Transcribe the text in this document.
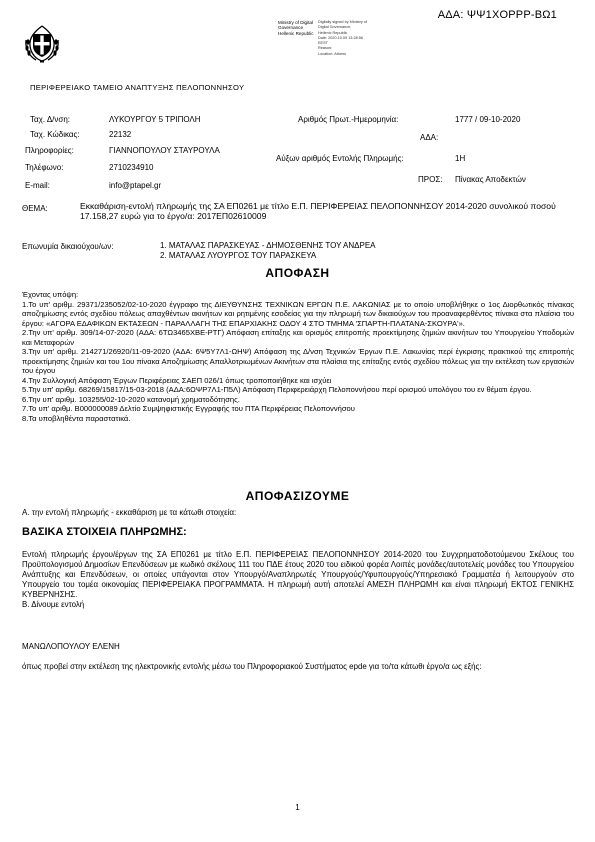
ΑΔΑ: ΨΨ1ΧΟΡΡΡ-ΒΩ1
Ministry of Digital
Governance
Hellenic RepublicDigitally signed by Ministry of Digital Governance,
Hellenic Republic
Date: 2020.10.09 13:28:56
EEST
Reason:
Location: Athens
ΠΕΡΙΦΕΡΕΙΑΚΟ ΤΑΜΕΙΟ ΑΝΑΠΤΥΞΗΣ ΠΕΛΟΠΟΝΝΗΣΟΥ
Ταχ. Δ/νση:	ΛΥΚΟΥΡΓΟΥ 5 ΤΡΙΠΟΛΗ
Ταχ. Κώδικας:	22132
Πληροφορίες:	ΓΙΑΝΝΟΠΟΥΛΟΥ ΣΤΑΥΡΟΥΛΑ
Τηλέφωνο:	2710234910
E-mail:	info@ptapel.gr
Αριθμός Πρωτ.-Ημερομηνία:	1777 / 09-10-2020
ΑΔΑ:
Αύξων αριθμός Εντολής Πληρωμής:	1Η
ΠΡΟΣ: Πίνακας Αποδεκτών
ΘΕΜΑ:	Εκκαθάριση-εντολή πληρωμής της ΣΑ ΕΠ0261 με τίτλο Ε.Π. ΠΕΡΙΦΕΡΕΙΑΣ ΠΕΛΟΠΟΝΝΗΣΟΥ 2014-2020 συνολικού ποσού 17.158,27 ευρώ για το έργο/α: 2017ΕΠ02610009
Επωνυμία δικαιούχου/ων:	1. ΜΑΤΑΛΑΣ ΠΑΡΑΣΚΕΥΑΣ - ΔΗΜΟΣΘΕΝΗΣ ΤΟΥ ΑΝΔΡΕΑ
2. ΜΑΤΑΛΑΣ ΛΥΟΥΡΓΟΣ ΤΟΥ ΠΑΡΑΣΚΕΥΑ
ΑΠΟΦΑΣΗ

Έχοντας υπόψη:

1.Το υπ' αριθμ. 29371/235052/02-10-2020 έγγραφο της ΔΙΕΥΘΥΝΣΗΣ ΤΕΧΝΙΚΩΝ ΕΡΓΩΝ Π.Ε. ΛΑΚΩΝΙΑΣ με το οποίο υποβλήθηκε ο 1ος Διορθωτικός πίνακας αποζημίωσης εντός σχεδίου πόλεως απαχθέντων ακινήτων και ρητιμένης εσοδείας για την πληρωμή των δικαιούχων του προαναφερθέντος πίνακα στα πλαίσια του έργου: «ΑΓΟΡΑ ΕΔΑΦΙΚΩΝ ΕΚΤΑΣΕΩΝ - ΠΑΡΑΛΛΑΓΗ ΤΗΣ ΕΠΑΡΧΙΑΚΗΣ ΟΔΟΥ 4 ΣΤΟ ΤΜΗΜΑ 'ΣΠΑΡΤΗ-ΠΛΑΤΑΝΑ-ΣΚΟΥΡΑ'».

2.Την υπ' αριθμ. 309/14-07-2020 (ΑΔΑ: 6ΤΩ3465ΧΒΕ-ΡΤΓ) Απόφαση επίταξης και ορισμός επιτροπής προεκτίμησης ζημιών ακινήτων του Υπουργείου Υποδομών και Μεταφορών

3.Την υπ' αριθμ. 214271/26920/11-09-2020 (ΑΔΑ: 6Ψ5Υ7Λ1-ΩΗΨ) Απόφαση της Δ/νση Τεχνικών Έργων Π.Ε. Λακωνίας περί έγκρισης πρακτικού της επιτροπής προεκτίμησης ζημιών και του 1ου πίνακα Αποζημίωσης Απαλλοτριωμένων Ακινήτων στα πλαίσια της επίταξης εντός σχεδίου πόλεως για την εκτέλεση των εργασιών του έργου

4.Την Συλλογική Απόφαση Έργων Περιφέρειας ΣΑΕΠ 026/1 όπως τροποποιήθηκε και ισχύει

5.Την υπ' αριθμ. 68269/15817/15-03-2018 (ΑΔΑ:6ΩΨΡ7Λ1-Π5Λ) Απόφαση Περιφερειάρχη Πελοποννήσου περί ορισμού υπολόγου του εν θέματι έργου.

6.Την υπ' αριθμ. 103255/02-10-2020 κατανομή χρηματοδότησης.

7.Το υπ' αριθμ. Β000000089 Δελτίο Συμψηφιστικής Εγγραφής του ΠΤΑ Περιφέρειας Πελοποννήσου

8.Τα υποβληθέντα παραστατικά.

ΑΠΟΦΑΣΙΖΟΥΜΕ
Α. την εντολή πληρωμής - εκκαθάριση με τα κάτωθι στοιχεία:
ΒΑΣΙΚΑ ΣΤΟΙΧΕΙΑ ΠΛΗΡΩΜΗΣ:
Εντολή πληρωμής έργου/έργων της ΣΑ ΕΠ0261 με τίτλο Ε.Π. ΠΕΡΙΦΕΡΕΙΑΣ ΠΕΛΟΠΟΝΝΗΣΟΥ 2014-2020 του Συγχρηματοδοτούμενου Σκέλους του Προϋπολογισμού Δημοσίων Επενδύσεων με κωδικό σκέλους 111 του ΠΔΕ έτους 2020 του ειδικού φορέα Λοιπές μονάδες/αυτοτελείς μονάδες του Υπουργείου Ανάπτυξης και Επενδύσεων, οι οποίες υπάγονται στον Υπουργό/Αναπληρωτές Υπουργούς/Υφυπουργούς/Υπηρεσιακό Γραμματέα ή λειτουργούν στο Υπουργείο του τομέα οικονομίας ΠΕΡΙΦΕΡΕΙΑΚΑ ΠΡΟΓΡΑΜΜΑΤΑ. Η πληρωμή αυτή αποτελεί ΑΜΕΣΗ ΠΛΗΡΩΜΗ και είναι πληρωμή ΕΚΤΟΣ ΓΕΝΙΚΗΣ ΚΥΒΕΡΝΗΣΗΣ.
Β. Δίνουμε εντολή
ΜΑΝΩΛΟΠΟΥΛΟΥ ΕΛΕΝΗ
όπως προβεί στην εκτέλεση της ηλεκτρονικής εντολής μέσω του Πληροφοριακού Συστήματος epde για το/τα κάτωθι έργο/α ως εξής:
1
